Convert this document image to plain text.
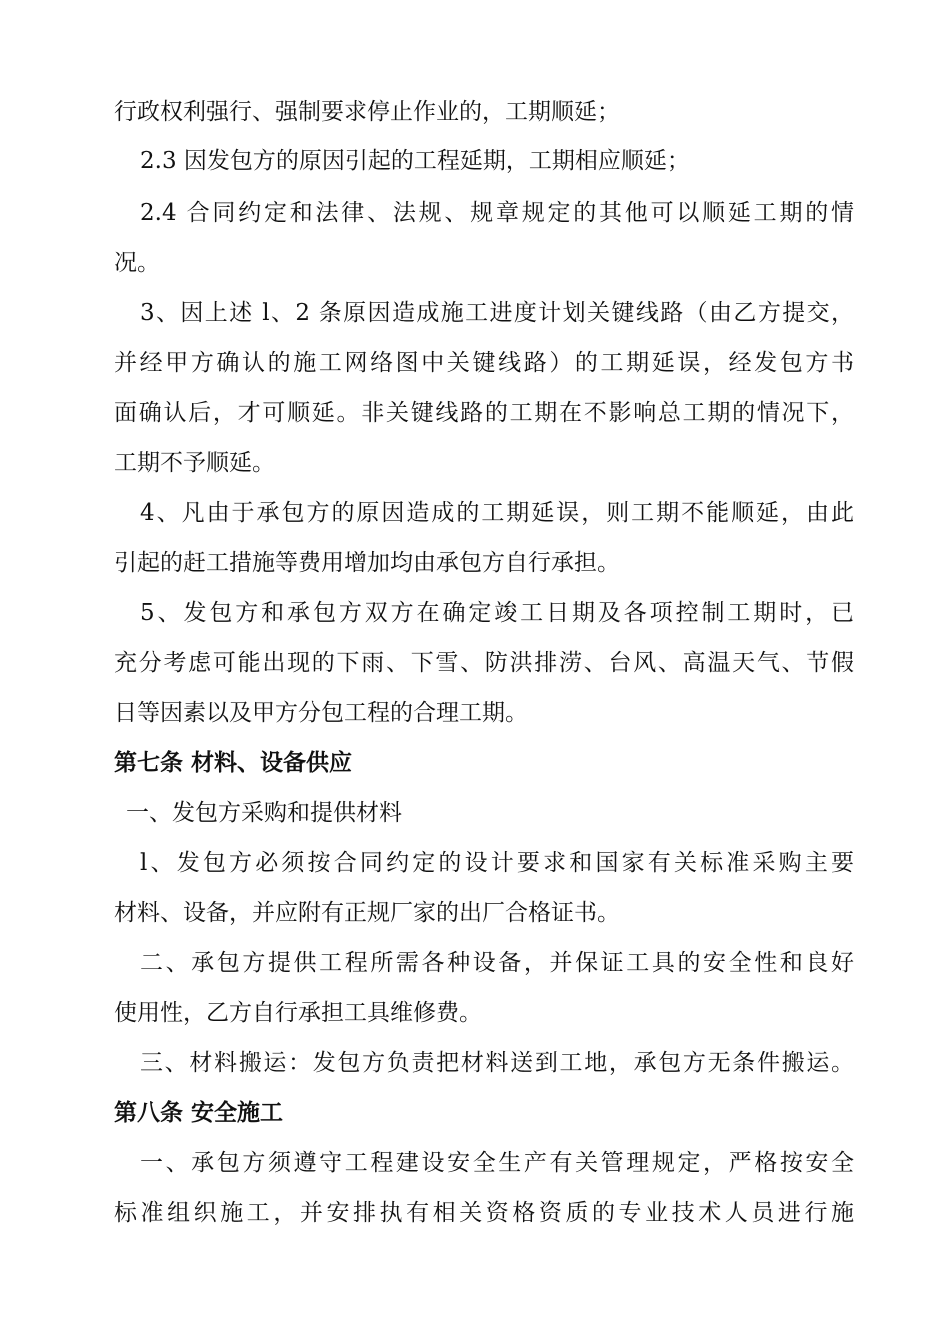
行政权利强行、强制要求停止作业的，工期顺延；
2.3 因发包方的原因引起的工程延期，工期相应顺延；
2.4 合同约定和法律、法规、规章规定的其他可以顺延工期的情
况。
3、因上述 l、2 条原因造成施工进度计划关键线路（由乙方提交，
并经甲方确认的施工网络图中关键线路）的工期延误，经发包方书
面确认后，才可顺延。非关键线路的工期在不影响总工期的情况下，
工期不予顺延。
4、凡由于承包方的原因造成的工期延误，则工期不能顺延，由此
引起的赶工措施等费用增加均由承包方自行承担。
5、发包方和承包方双方在确定竣工日期及各项控制工期时，已
充分考虑可能出现的下雨、下雪、防洪排涝、台风、高温天气、节假
日等因素以及甲方分包工程的合理工期。
第七条 材料、设备供应
一、发包方采购和提供材料
l、发包方必须按合同约定的设计要求和国家有关标准采购主要
材料、设备，并应附有正规厂家的出厂合格证书。
二、承包方提供工程所需各种设备，并保证工具的安全性和良好
使用性，乙方自行承担工具维修费。
三、材料搬运：发包方负责把材料送到工地，承包方无条件搬运。
第八条 安全施工
一、承包方须遵守工程建设安全生产有关管理规定，严格按安全
标准组织施工，并安排执有相关资格资质的专业技术人员进行施
